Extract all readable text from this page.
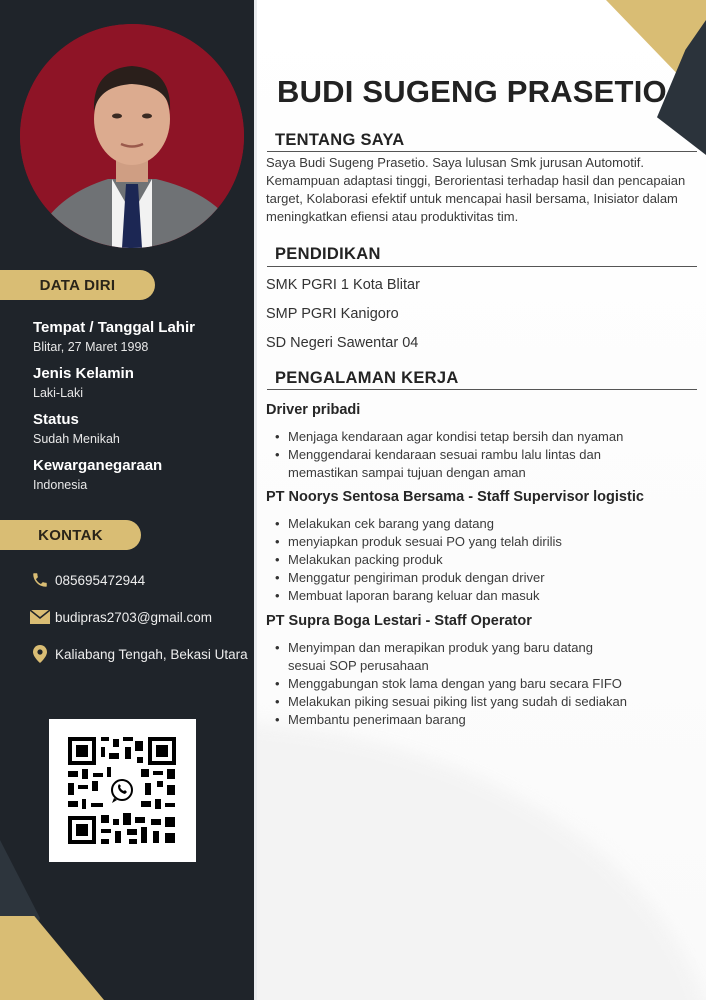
DATA DIRI
Tempat / Tanggal Lahir
Blitar, 27 Maret 1998
Jenis Kelamin
Laki-Laki
Status
Sudah Menikah
Kewarganegaraan
Indonesia
KONTAK
085695472944
budipras2703@gmail.com
Kaliabang Tengah, Bekasi Utara
BUDI SUGENG PRASETIO
TENTANG SAYA

Saya Budi Sugeng Prasetio. Saya lulusan Smk jurusan Automotif. Kemampuan adaptasi tinggi, Berorientasi terhadap hasil dan pencapaian target, Kolaborasi efektif untuk mencapai hasil bersama, Inisiator dalam meningkatkan efiensi atau produktivitas tim.

PENDIDIKAN
SMK PGRI 1 Kota Blitar
SMP PGRI Kanigoro
SD Negeri Sawentar 04
PENGALAMAN KERJA
Driver pribadi
• Menjaga kendaraan agar kondisi tetap bersih dan nyaman
• Menggendarai kendaraan sesuai rambu lalu lintas dan memastikan sampai tujuan dengan aman
PT Noorys Sentosa Bersama - Staff Supervisor logistic
• Melakukan cek barang yang datang
• menyiapkan produk sesuai PO yang telah dirilis
• Melakukan packing produk
• Menggatur pengiriman produk dengan driver
• Membuat laporan barang keluar dan masuk
PT Supra Boga Lestari - Staff Operator
• Menyimpan dan merapikan produk yang baru datang sesuai SOP perusahaan
• Menggabungan stok lama dengan yang baru secara FIFO
• Melakukan piking sesuai piking list yang sudah di sediakan
• Membantu penerimaan barang
